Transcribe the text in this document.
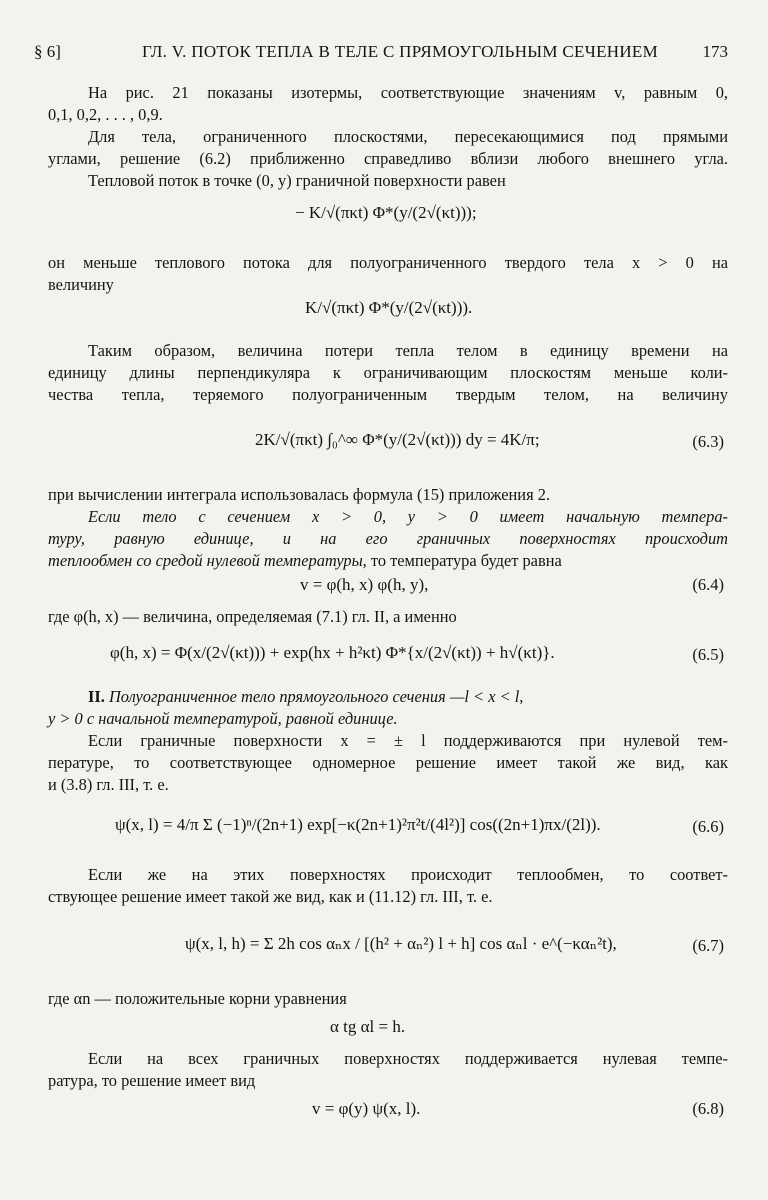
§ 6]	ГЛ. V. ПОТОК ТЕПЛА В ТЕЛЕ С ПРЯМОУГОЛЬНЫМ СЕЧЕНИЕМ	173
На рис. 21 показаны изотермы, соответствующие значениям v, равным 0,
0,1, 0,2, . . . , 0,9.
Для тела, ограниченного плоскостями, пересекающимися под прямыми
углами, решение (6.2) приближенно справедливо вблизи любого внешнего угла.
Тепловой поток в точке (0, y) граничной поверхности равен
− K/√(πκt) Φ*(y/(2√(κt)));
он меньше теплового потока для полуограниченного твердого тела x > 0 на
величину
K/√(πκt) Φ*(y/(2√(κt))).
Таким образом, величина потери тепла телом в единицу времени на
единицу длины перпендикуляра к ограничивающим плоскостям меньше коли-
чества тепла, теряемого полуограниченным твердым телом, на величину
2K/√(πκt) ∫₀^∞ Φ*(y/(2√(κt))) dy = 4K/π;	(6.3)
при вычислении интеграла использовалась формула (15) приложения 2.
Если тело с сечением x > 0, y > 0 имеет начальную темпера-
туру, равную единице, и на его граничных поверхностях происходит
теплообмен со средой нулевой температуры, то температура будет равна
v = φ(h, x) φ(h, y),	(6.4)
где φ(h, x) — величина, определяемая (7.1) гл. II, а именно
φ(h, x) = Φ(x/(2√(κt))) + exp(hx + h²κt) Φ*{x/(2√(κt)) + h√(κt)}.	(6.5)
II. Полуограниченное тело прямоугольного сечения —l < x < l,
y > 0 с начальной температурой, равной единице.
Если граничные поверхности x = ± l поддерживаются при нулевой тем-
пературе, то соответствующее одномерное решение имеет такой же вид, как
и (3.8) гл. III, т. е.
ψ(x, l) = 4/π Σ (−1)ⁿ/(2n+1) exp[−κ(2n+1)²π²t/(4l²)] cos((2n+1)πx/(2l)).	(6.6)
Если же на этих поверхностях происходит теплообмен, то соответ-
ствующее решение имеет такой же вид, как и (11.12) гл. III, т. е.
ψ(x, l, h) = Σ 2h cos αₙx / [(h² + αₙ²) l + h] cos αₙl · e^(−καₙ²t),	(6.7)
где αn — положительные корни уравнения
α tg αl = h.
Если на всех граничных поверхностях поддерживается нулевая темпе-
ратура, то решение имеет вид
v = φ(y) ψ(x, l).	(6.8)
